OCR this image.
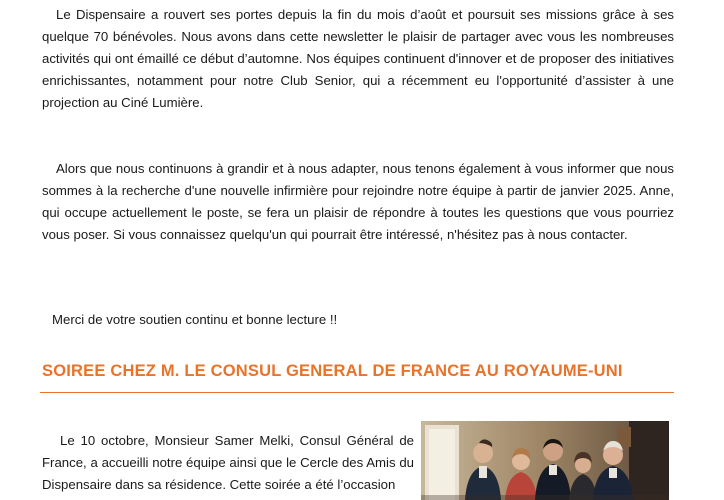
Le Dispensaire a rouvert ses portes depuis la fin du mois d’août et poursuit ses missions grâce à ses quelque 70 bénévoles. Nous avons dans cette newsletter le plaisir de partager avec vous les nombreuses activités qui ont émaillé ce début d’automne. Nos équipes continuent d'innover et de proposer des initiatives enrichissantes, notamment pour notre Club Senior, qui a récemment eu l'opportunité d’assister à une projection au Ciné Lumière.

Alors que nous continuons à grandir et à nous adapter, nous tenons également à vous informer que nous sommes à la recherche d'une nouvelle infirmière pour rejoindre notre équipe à partir de janvier 2025. Anne, qui occupe actuellement le poste, se fera un plaisir de répondre à toutes les questions que vous pourriez vous poser. Si vous connaissez quelqu'un qui pourrait être intéressé, n'hésitez pas à nous contacter.

Merci de votre soutien continu et bonne lecture !!

SOIREE CHEZ M. LE CONSUL GENERAL DE FRANCE AU ROYAUME-UNI

Le 10 octobre, Monsieur Samer Melki, Consul Général de France, a accueilli notre équipe ainsi que le Cercle des Amis du Dispensaire dans sa résidence. Cette soirée a été l’occasion
